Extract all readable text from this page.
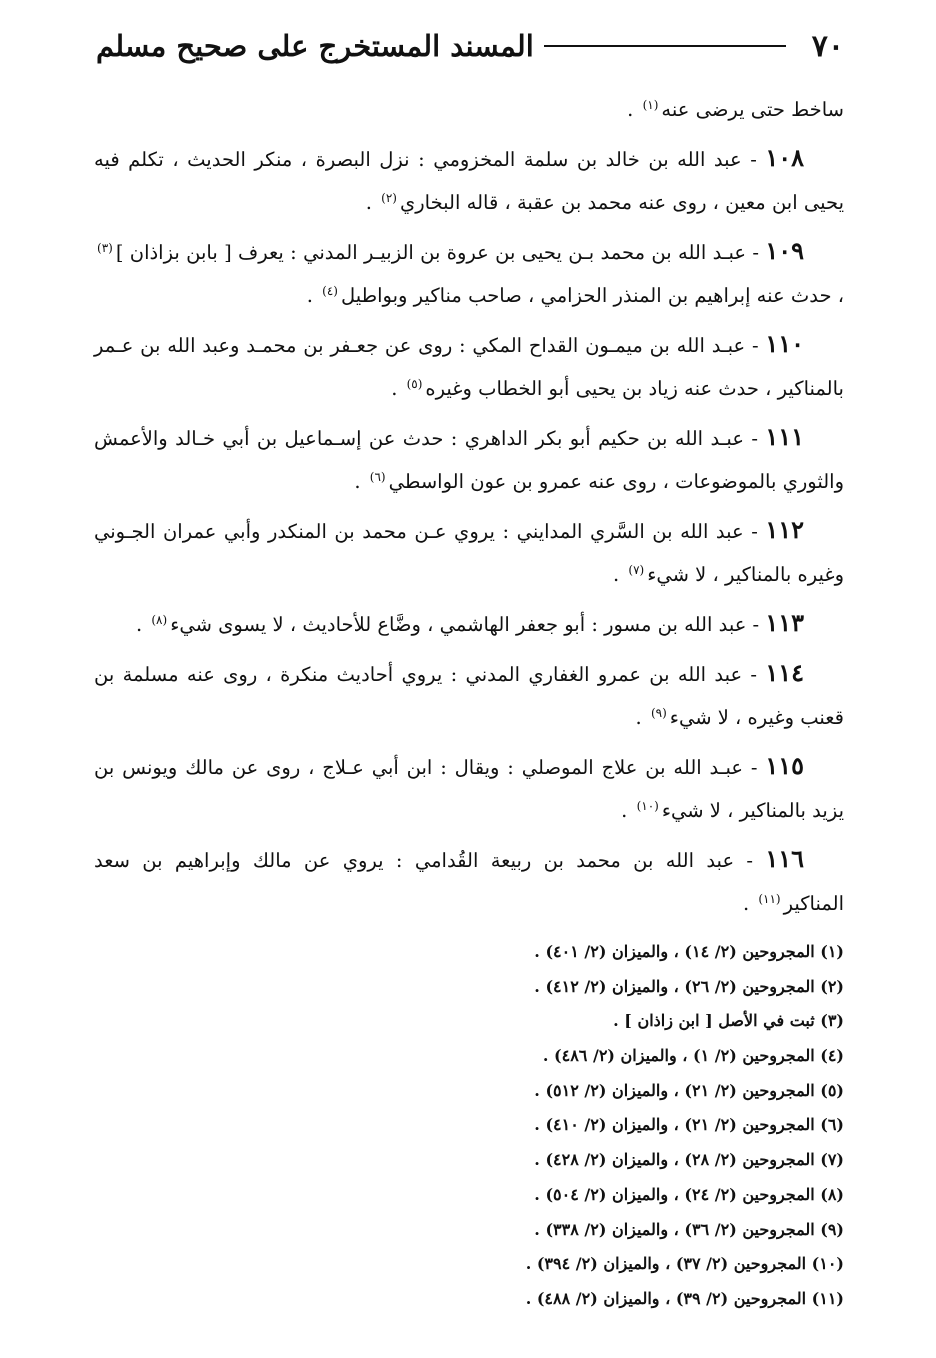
٧٠
المسند المستخرج على صحيح مسلم

ساخط حتى يرضى عنه$^{(١)}$ .

١٠٨ - عبد الله بن خالد بن سلمة المخزومي : نزل البصرة ، منكر الحديث ، تكلم فيه يحيى ابن معين ، روى عنه محمد بن عقبة ، قاله البخاري$^{(٢)}$ .

١٠٩ - عبـد الله بن محمد بـن يحيى بن عروة بن الزبيـر المدني : يعرف [ بابن بزاذان ]$^{(٣)}$ ، حدث عنه إبراهيم بن المنذر الحزامي ، صاحب مناكير وبواطيل$^{(٤)}$ .

١١٠ - عبـد الله بن ميمـون القداح المكي : روى عن جعـفر بن محمـد وعبد الله بن عـمر بالمناكير ، حدث عنه زياد بن يحيى أبو الخطاب وغيره$^{(٥)}$ .

١١١ - عبـد الله بن حكيم أبو بكر الداهري : حدث عن إسـماعيل بن أبي خـالد والأعمش والثوري بالموضوعات ، روى عنه عمرو بن عون الواسطي$^{(٦)}$ .

١١٢ - عبد الله بن السَّري المدايني : يروي عـن محمد بن المنكدر وأبي عمران الجـوني وغيره بالمناكير ، لا شيء$^{(٧)}$ .

١١٣ - عبد الله بن مسور : أبو جعفر الهاشمي ، وضَّاع للأحاديث ، لا يسوى شيء$^{(٨)}$ .

١١٤ - عبد الله بن عمرو الغفاري المدني : يروي أحاديث منكرة ، روى عنه مسلمة بن قعنب وغيره ، لا شيء$^{(٩)}$ .

١١٥ - عبـد الله بن علاج الموصلي : ويقال : ابن أبي عـلاج ، روى عن مالك ويونس بن يزيد بالمناكير ، لا شيء$^{(١٠)}$ .

١١٦ - عبد الله بن محمد بن ربيعة القُدامي : يروي عن مالك وإبراهيم بن سعد المناكير$^{(١١)}$ .

(١) المجروحين (٢/ ١٤) ، والميزان (٢/ ٤٠١) .
(٢) المجروحين (٢/ ٢٦) ، والميزان (٢/ ٤١٢) .
(٣) ثبت في الأصل [ ابن زاذان ] .
(٤) المجروحين (٢/ ١) ، والميزان (٢/ ٤٨٦) .
(٥) المجروحين (٢/ ٢١) ، والميزان (٢/ ٥١٢) .
(٦) المجروحين (٢/ ٢١) ، والميزان (٢/ ٤١٠) .
(٧) المجروحين (٢/ ٢٨) ، والميزان (٢/ ٤٢٨) .
(٨) المجروحين (٢/ ٢٤) ، والميزان (٢/ ٥٠٤) .
(٩) المجروحين (٢/ ٣٦) ، والميزان (٢/ ٣٣٨) .
(١٠) المجروحين (٢/ ٣٧) ، والميزان (٢/ ٣٩٤) .
(١١) المجروحين (٢/ ٣٩) ، والميزان (٢/ ٤٨٨) .
